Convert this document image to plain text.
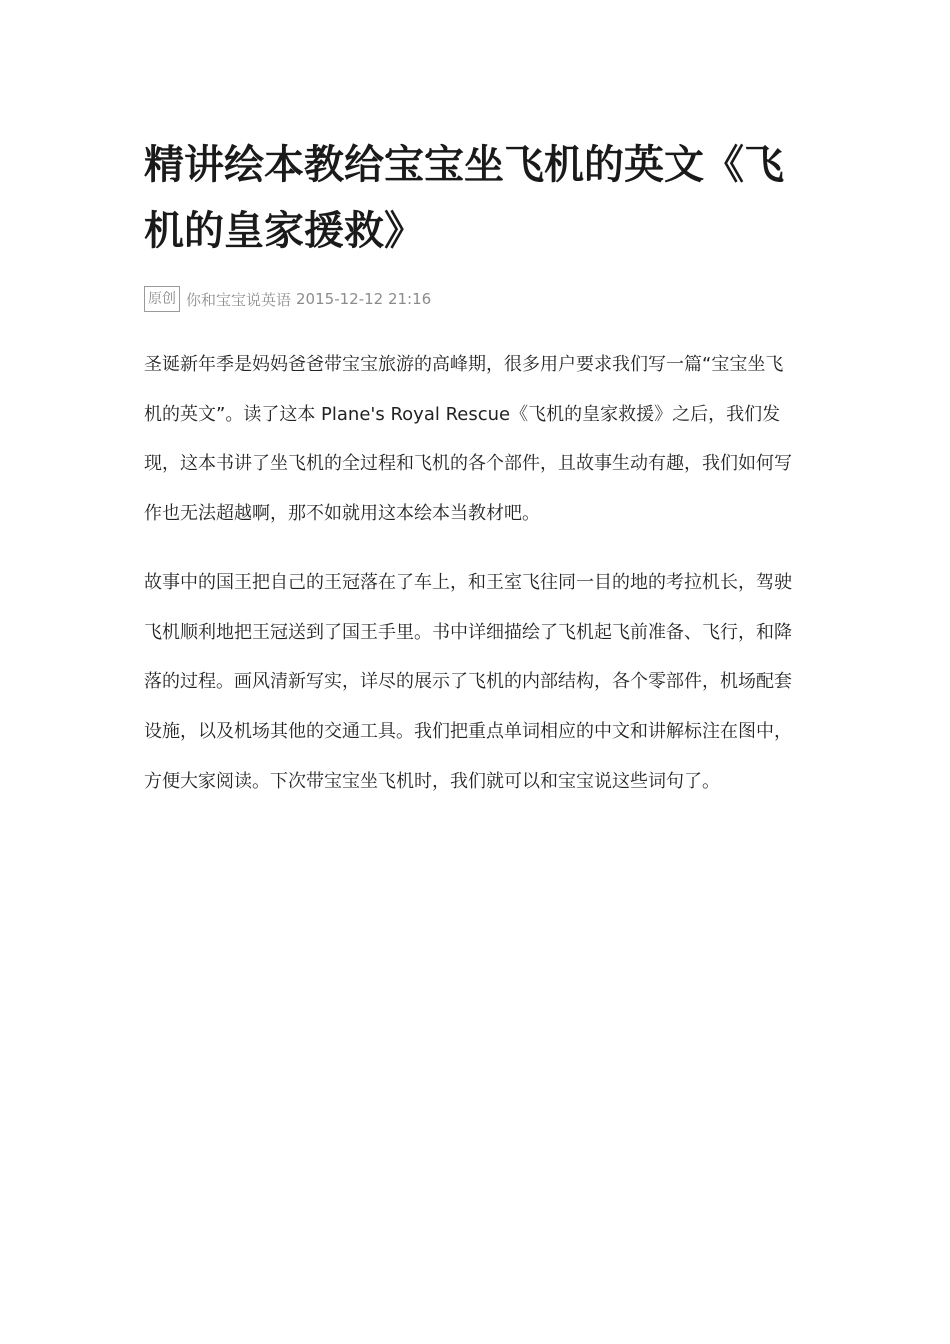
精讲绘本教给宝宝坐飞机的英文《飞机的皇家援救》
原创 你和宝宝说英语 2015-12-12 21:16

圣诞新年季是妈妈爸爸带宝宝旅游的高峰期，很多用户要求我们写一篇“宝宝坐飞机的英文”。读了这本 Plane's Royal Rescue《飞机的皇家救援》之后，我们发现，这本书讲了坐飞机的全过程和飞机的各个部件，且故事生动有趣，我们如何写作也无法超越啊，那不如就用这本绘本当教材吧。

故事中的国王把自己的王冠落在了车上，和王室飞往同一目的地的考拉机长，驾驶飞机顺利地把王冠送到了国王手里。书中详细描绘了飞机起飞前准备、飞行，和降落的过程。画风清新写实，详尽的展示了飞机的内部结构，各个零部件，机场配套设施，以及机场其他的交通工具。我们把重点单词相应的中文和讲解标注在图中，方便大家阅读。下次带宝宝坐飞机时，我们就可以和宝宝说这些词句了。
